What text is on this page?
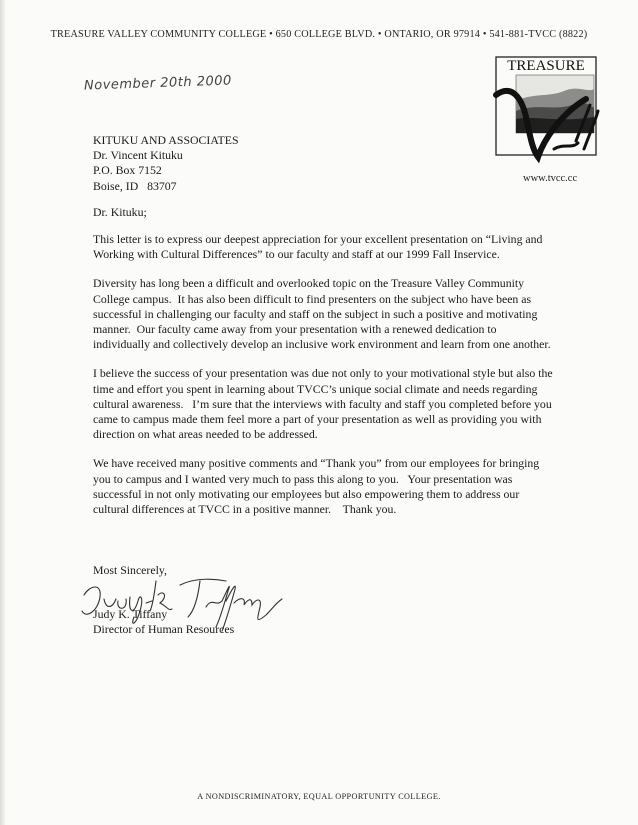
TREASURE VALLEY COMMUNITY COLLEGE • 650 COLLEGE BLVD. • ONTARIO, OR 97914 • 541-881-TVCC (8822)
November 20th 2000
TREASURE
www.tvcc.cc
KITUKU AND ASSOCIATES
Dr. Vincent Kituku
P.O. Box 7152
Boise, ID   83707
Dr. Kituku;

This letter is to express our deepest appreciation for your excellent presentation on “Living and Working with Cultural Differences” to our faculty and staff at our 1999 Fall Inservice.

Diversity has long been a difficult and overlooked topic on the Treasure Valley Community College campus.  It has also been difficult to find presenters on the subject who have been as successful in challenging our faculty and staff on the subject in such a positive and motivating manner.  Our faculty came away from your presentation with a renewed dedication to individually and collectively develop an inclusive work environment and learn from one another.

I believe the success of your presentation was due not only to your motivational style but also the time and effort you spent in learning about TVCC’s unique social climate and needs regarding cultural awareness.   I’m sure that the interviews with faculty and staff you completed before you came to campus made them feel more a part of your presentation as well as providing you with direction on what areas needed to be addressed.

We have received many positive comments and “Thank you” from our employees for bringing you to campus and I wanted very much to pass this along to you.   Your presentation was successful in not only motivating our employees but also empowering them to address our cultural differences at TVCC in a positive manner.    Thank you.

Most Sincerely,
Judy K. Tiffany
Director of Human Resources
A NONDISCRIMINATORY, EQUAL OPPORTUNITY COLLEGE.
